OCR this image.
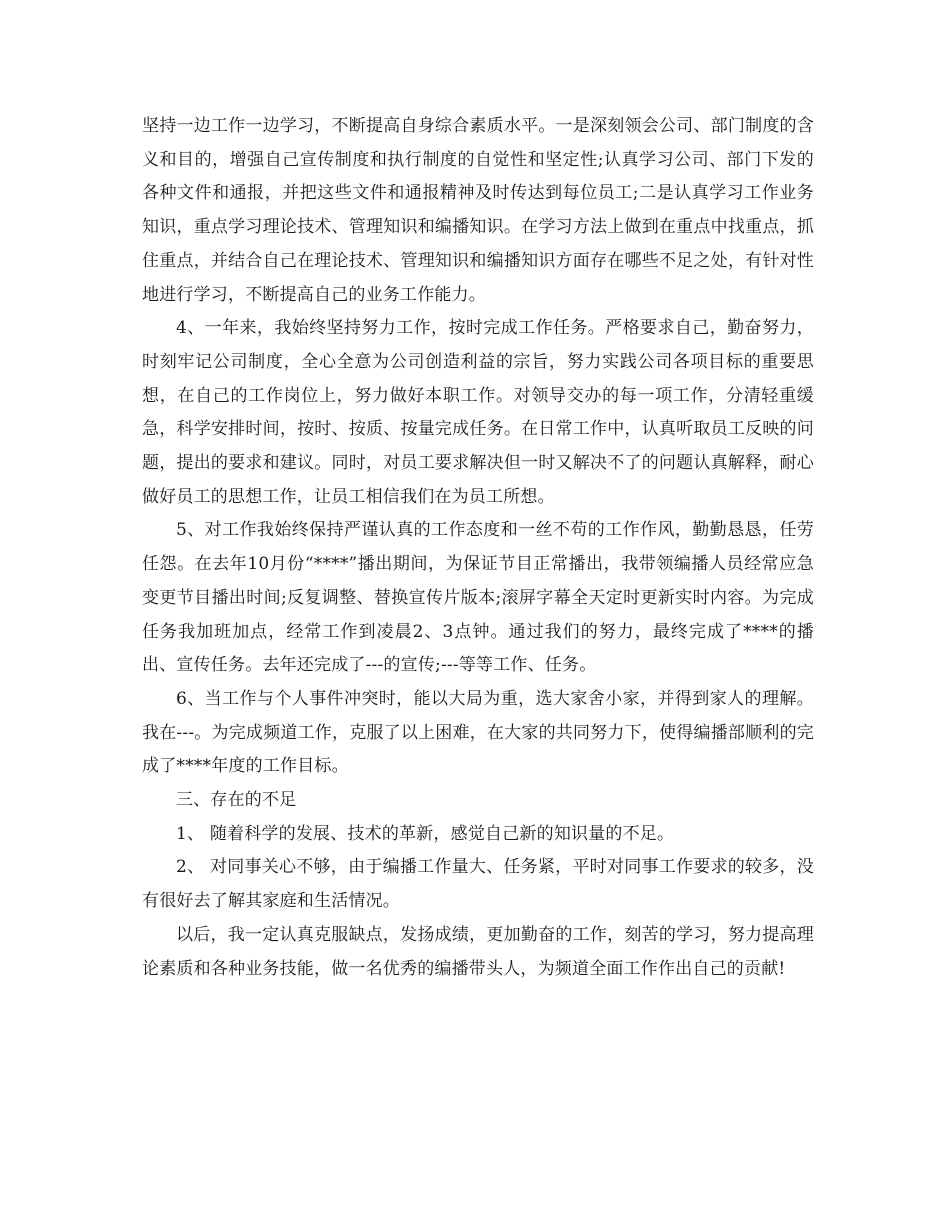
坚持一边工作一边学习，不断提高自身综合素质水平。一是深刻领会公司、部门制度的含义和目的，增强自己宣传制度和执行制度的自觉性和坚定性;认真学习公司、部门下发的各种文件和通报，并把这些文件和通报精神及时传达到每位员工;二是认真学习工作业务知识，重点学习理论技术、管理知识和编播知识。在学习方法上做到在重点中找重点，抓住重点，并结合自己在理论技术、管理知识和编播知识方面存在哪些不足之处，有针对性地进行学习，不断提高自己的业务工作能力。

4、一年来，我始终坚持努力工作，按时完成工作任务。严格要求自己，勤奋努力，时刻牢记公司制度，全心全意为公司创造利益的宗旨，努力实践公司各项目标的重要思想，在自己的工作岗位上，努力做好本职工作。对领导交办的每一项工作，分清轻重缓急，科学安排时间，按时、按质、按量完成任务。在日常工作中，认真听取员工反映的问题，提出的要求和建议。同时，对员工要求解决但一时又解决不了的问题认真解释，耐心做好员工的思想工作，让员工相信我们在为员工所想。

5、对工作我始终保持严谨认真的工作态度和一丝不苟的工作作风，勤勤恳恳，任劳任怨。在去年10月份“****”播出期间，为保证节目正常播出，我带领编播人员经常应急变更节目播出时间;反复调整、替换宣传片版本;滚屏字幕全天定时更新实时内容。为完成任务我加班加点，经常工作到凌晨2、3点钟。通过我们的努力，最终完成了****的播出、宣传任务。去年还完成了---的宣传;---等等工作、任务。

6、当工作与个人事件冲突时，能以大局为重，选大家舍小家，并得到家人的理解。我在---。为完成频道工作，克服了以上困难，在大家的共同努力下，使得编播部顺利的完成了****年度的工作目标。

三、存在的不足

1、 随着科学的发展、技术的革新，感觉自己新的知识量的不足。

2、 对同事关心不够，由于编播工作量大、任务紧，平时对同事工作要求的较多，没有很好去了解其家庭和生活情况。

以后，我一定认真克服缺点，发扬成绩，更加勤奋的工作，刻苦的学习，努力提高理论素质和各种业务技能，做一名优秀的编播带头人，为频道全面工作作出自己的贡献!
